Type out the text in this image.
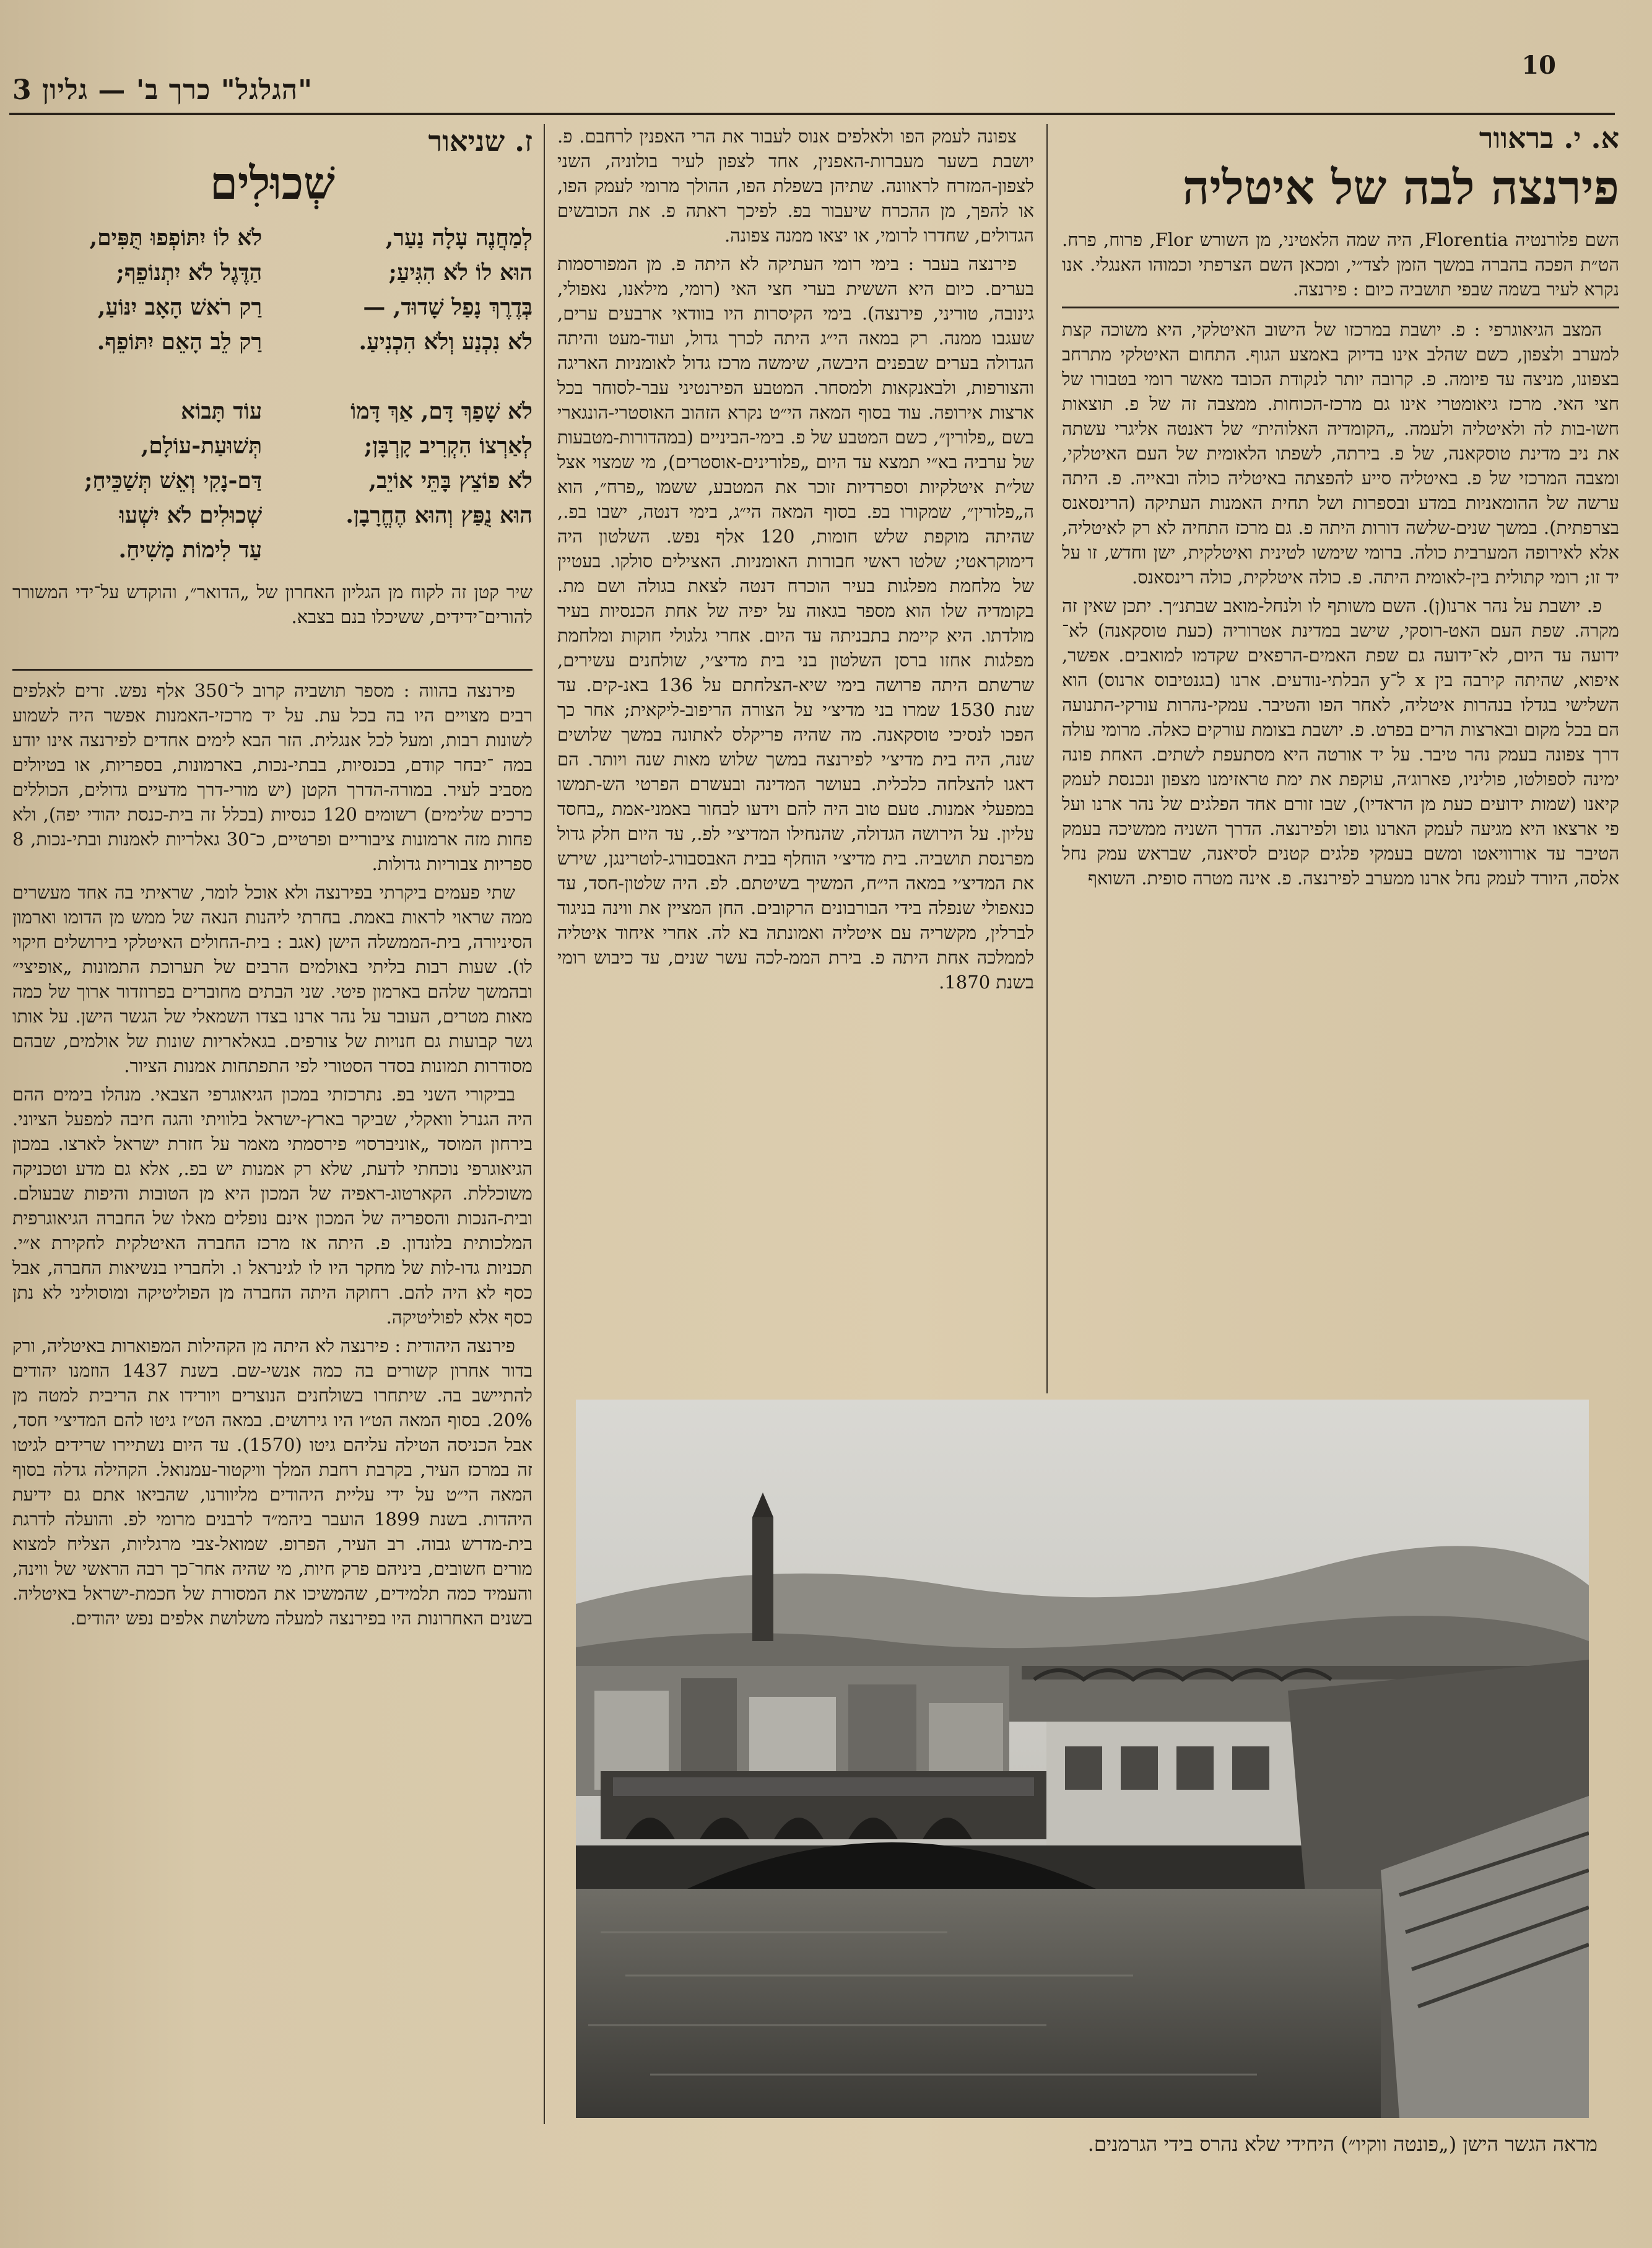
"הגלגל" כרך ב' — גליון 3
10
א. י. בראוור
פירנצה לבה של איטליה

השם פלורנטיה Florentia, היה שמה הלאטיני, מן השורש Flor, פרוח, פרח. הט״ת הפכה בהברה במשך הזמן לצד״י, ומכאן השם הצרפתי וכמוהו האנגלי. אנו נקרא לעיר בשמה שבפי תושביה כיום : פירנצה.

המצב הגיאוגרפי : פ. יושבת במרכזו של הישוב האיטלקי, היא משוכה קצת למערב ולצפון, כשם שהלב אינו בדיוק באמצע הגוף. התחום האיטלקי מתרחב בצפונו, מניצה עד פיומה. פ. קרובה יותר לנקודת הכובד מאשר רומי בטבורו של חצי האי. מרכז גיאומטרי אינו גם מרכז-הכוחות. ממצבה זה של פ. תוצאות חשו-בות לה ולאיטליה ולעמה. „הקומדיה האלוהית״ של דאנטה אליגרי עשתה את ניב מדינת טוסקאנה, של פ. בירתה, לשפתו הלאומית של העם האיטלקי, ומצבה המרכזי של פ. באיטליה סייע להפצתה באיטליה כולה ובאייה. פ. היתה ערשה של ההומאניות במדע ובספרות ושל תחית האמנות העתיקה (הרינסאנס בצרפתית). במשך שנים-שלשה דורות היתה פ. גם מרכז התחיה לא רק לאיטליה, אלא לאירופה המערבית כולה. ברומי שימשו לטינית ואיטלקית, ישן וחדש, זו על יד זו; רומי קתולית בין-לאומית היתה. פ. כולה איטלקית, כולה רינסאנס.

פ. יושבת על נהר ארנו(ן). השם משותף לו ולנחל-מואב שבתנ״ך. יתכן שאין זה מקרה. שפת העם האט-רוסקי, שישב במדינת אטרוריה (כעת טוסקאנה) לא־ ידועה עד היום, לא־ידועה גם שפת האמים-הרפאים שקדמו למואבים. אפשר, איפוא, שהיתה קירבה בין x ל־y הבלתי-נודעים. ארנו (בגנטיבוס ארנוס) הוא השלישי בגדלו בנהרות איטליה, לאחר הפו והטיבר. עמקי-נהרות עורקי-התנועה הם בכל מקום ובארצות הרים בפרט. פ. יושבת בצומת עורקים כאלה. מרומי עולה דרך צפונה בעמק נהר טיבר. על יד אורטה היא מסתעפת לשתים. האחת פונה ימינה לספולטו, פוליניו, פארוג׳ה, עוקפת את ימת טראזימנו מצפון ונכנסת לעמק קיאנו (שמות ידועים כעת מן הראדיו), שבו זורם אחד הפלגים של נהר ארנו ועל פי ארצאו היא מגיעה לעמק הארנו גופו ולפירנצה. הדרך השניה ממשיכה בעמק הטיבר עד אורוויאטו ומשם בעמקי פלגים קטנים לסיאנה, שבראש עמק נחל אלסה, היורד לעמק נחל ארנו ממערב לפירנצה. פ. אינה מטרה סופית. השואף

צפונה לעמק הפו ולאלפים אנוס לעבור את הרי האפנין לרחבם. פ. יושבת בשער מעברות-האפנין, אחד לצפון לעיר בולוניה, השני לצפון-המזרח לראוונה. שתיהן בשפלת הפו, ההולך מרומי לעמק הפו, או להפך, מן ההכרח שיעבור בפ. לפיכך ראתה פ. את הכובשים הגדולים, שחדרו לרומי, או יצאו ממנה צפונה.

פירנצה בעבר : בימי רומי העתיקה לא היתה פ. מן המפורסמות בערים. כיום היא הששית בערי חצי האי (רומי, מילאנו, נאפולי, גינובה, טוריני, פירנצה). בימי הקיסרות היו בוודאי ארבעים ערים, שעגבו ממנה. רק במאה הי״ג היתה לכרך גדול, ועוד-מעט והיתה הגדולה בערים שבפנים היבשה, שימשה מרכז גדול לאומניות האריגה והצורפות, ולבאנקאות ולמסחר. המטבע הפירנטיני עבר-לסוחר בכל ארצות אירופה. עוד בסוף המאה הי״ט נקרא הזהוב האוסטרי-הונגארי בשם „פלורין״, כשם המטבע של פ. בימי-הביניים (במהדורות-מטבעות של ערביה בא״י תמצא עד היום „פלורינים-אוסטרים), מי שמצוי אצל של״ת איטלקיות וספרדיות זוכר את המטבע, ששמו „פרח״, הוא ה„פלורין״, שמקורו בפ. בסוף המאה הי״ג, בימי דנטה, ישבו בפ., שהיתה מוקפת שלש חומות, 120 אלף נפש. השלטון היה דימוקראטי; שלטו ראשי חבורות האומניות. האצילים סולקו. בעטיין של מלחמת מפלגות בעיר הוכרח דנטה לצאת בגולה ושם מת. בקומדיה שלו הוא מספר בגאוה על יפיה של אחת הכנסיות בעיר מולדתו. היא קיימת בתבניתה עד היום. אחרי גלגולי חוקות ומלחמת מפלגות אחזו ברסן השלטון בני בית מדיצ׳י, שולחנים עשירים, שרשתם היתה פרושה בימי שיא-הצלחתם על 136 באנ-קים. עד שנת 1530 שמרו בני מדיצ׳י על הצורה הריפוב-ליקאית; אחר כך הפכו לנסיכי טוסקאנה. מה שהיה פריקלס לאתונה במשך שלושים שנה, היה בית מדיצ׳י לפירנצה במשך שלוש מאות שנה ויותר. הם דאגו להצלחה כלכלית. בעושר המדינה ובעשרם הפרטי הש-תמשו במפעלי אמנות. טעם טוב היה להם וידעו לבחור באמני-אמת „בחסד עליון. על הירושה הגדולה, שהנחילו המדיצ׳י לפ., עד היום חלק גדול מפרנסת תושביה. בית מדיצ׳י הוחלף בבית האבסבורג-לוטרינגן, שירש את המדיצ׳י במאה הי״ח, המשיך בשיטתם. לפ. היה שלטון-חסד, עד כנאפולי שנפלה בידי הבורבונים הרקובים. החן המציין את ווינה בניגוד לברלין, מקשריה עם איטליה ואמונתה בא לה. אחרי איחוד איטליה לממלכה אחת היתה פ. בירת הממ-לכה עשר שנים, עד כיבוש רומי בשנת 1870.

ז. שניאור
שְׁכוּלִים
לְמַחֲנֶה עָלָה נַעַר,
הוּא לוֹ לֹא הִגִּיעַ;
בְּדֶרֶךְ נָפַל שָׁדוּד, —
לֹא נִכְנַע וְלֹא הִכְנִיעַ.

לֹא שָׁפַךְ דָּם, אַךְ דָּמוֹ
לְאַרְצוֹ הִקְרִיב קָרְבָּן;
לֹא פוֹצֵץ בָּתֵּי אוֹיֵב,
הוּא נֻפַּץ וְהוּא הֶחֱרָבָן.
לֹא לוֹ יִתּוֹפְפוּ תֻּפִּים,
הַדֶּגֶל לֹא יִתְנוֹפֵף;
רַק רֹאשׁ הָאָב יִנּוֹעַ,
רַק לֵב הָאֵם יִתּוֹפֵף.

עוֹד תָּבוֹא
תְּשׁוּעַת-עוֹלָם,
דַּם-נָקִי וְאֵשׁ תְּשַׁכֵּיחַ;
שְׁכוּלִים לֹא יִשְׁעוּ
עַד לִימוֹת מָשִׁיחַ.
שיר קטן זה לקוח מן הגליון האחרון של „הדואר״, והוקדש על־ידי המשורר להורים־ידידים, ששיכלו בנם בצבא.

פירנצה בהווה : מספר תושביה קרוב ל־350 אלף נפש. זרים לאלפים רבים מצויים היו בה בכל עת. על יד מרכזי-האמנות אפשר היה לשמוע לשונות רבות, ומעל לכל אנגלית. הזר הבא לימים אחדים לפירנצה אינו יודע במה ־יבחר קודם, בכנסיות, בבתי-נכות, בארמונות, בספריות, או בטיולים מסביב לעיר. במורה-הדרך הקטן (יש מורי-דרך מדעיים גדולים, הכוללים כרכים שלימים) רשומים 120 כנסיות (בכלל זה בית-כנסת יהודי יפה), ולא פחות מזה ארמונות ציבוריים ופרטיים, כ־30 גאלריות לאמנות ובתי-נכות, 8 ספריות צבוריות גדולות.

שתי פעמים ביקרתי בפירנצה ולא אוכל לומר, שראיתי בה אחד מעשרים ממה שראוי לראות באמת. בחרתי ליהנות הנאה של ממש מן הדומו וארמון הסיניורה, בית-הממשלה הישן (אגב : בית-החולים האיטלקי בירושלים חיקוי לו). שעות רבות בליתי באולמים הרבים של תערוכת התמונות „אופיצי״ ובהמשך שלהם בארמון פיטי. שני הבתים מחוברים בפרוזדור ארוך של כמה מאות מטרים, העובר על נהר ארנו בצדו השמאלי של הגשר הישן. על אותו גשר קבועות גם חנויות של צורפים. בגאלאריות שונות של אולמים, שבהם מסודרות תמונות בסדר הסטורי לפי התפתחות אמנות הציור.

בביקורי השני בפ. נתרכזתי במכון הגיאוגרפי הצבאי. מנהלו בימים ההם היה הגנרל וואקלי, שביקר בארץ-ישראל בלוויתי והגה חיבה למפעל הציוני. בירחון המוסד „אוניברסו״ פירסמתי מאמר על חזרת ישראל לארצו. במכון הגיאוגרפי נוכחתי לדעת, שלא רק אמנות יש בפ., אלא גם מדע וטכניקה משוכללת. הקארטוג-ראפיה של המכון היא מן הטובות והיפות שבעולם. ובית-הנכות והספריה של המכון אינם נופלים מאלו של החברה הגיאוגרפית המלכותית בלונדון. פ. היתה אז מרכז החברה האיטלקית לחקירת א״י. תכניות גדו-לות של מחקר היו לו לגינראל ו. ולחבריו בנשיאות החברה, אבל כסף לא היה להם. רחוקה היתה החברה מן הפוליטיקה ומוסוליני לא נתן כסף אלא לפוליטיקה.

פירנצה היהודית : פירנצה לא היתה מן הקהילות המפוארות באיטליה, ורק בדור אחרון קשורים בה כמה אנשי-שם. בשנת 1437 הוזמנו יהודים להתיישב בה. שיתחרו בשולחנים הנוצרים ויורידו את הריבית למטה מן 20%. בסוף המאה הט״ו היו גירושים. במאה הט״ז גיטו להם המדיצ׳י חסד, אבל הכניסה הטילה עליהם גיטו (1570). עד היום נשתיירו שרידים לגיטו זה במרכז העיר, בקרבת רחבת המלך וויקטור-עמנואל. הקהילה גדלה בסוף המאה הי״ט על ידי עליית היהודים מליוורנו, שהביאו אתם גם ידיעת היהדות. בשנת 1899 הועבר ביהמ״ד לרבנים מרומי לפ. והועלה לדרגת בית-מדרש גבוה. רב העיר, הפרופ. שמואל-צבי מרגליות, הצליח למצוא מורים חשובים, ביניהם פרק חיות, מי שהיה אחר־כך רבה הראשי של ווינה, והעמיד כמה תלמידים, שהמשיכו את המסורת של חכמת-ישראל באיטליה. בשנים האחרונות היו בפירנצה למעלה משלושת אלפים נפש יהודים.

מראה הגשר הישן („פונטה ווקיו״) היחידי שלא נהרס בידי הגרמנים.
